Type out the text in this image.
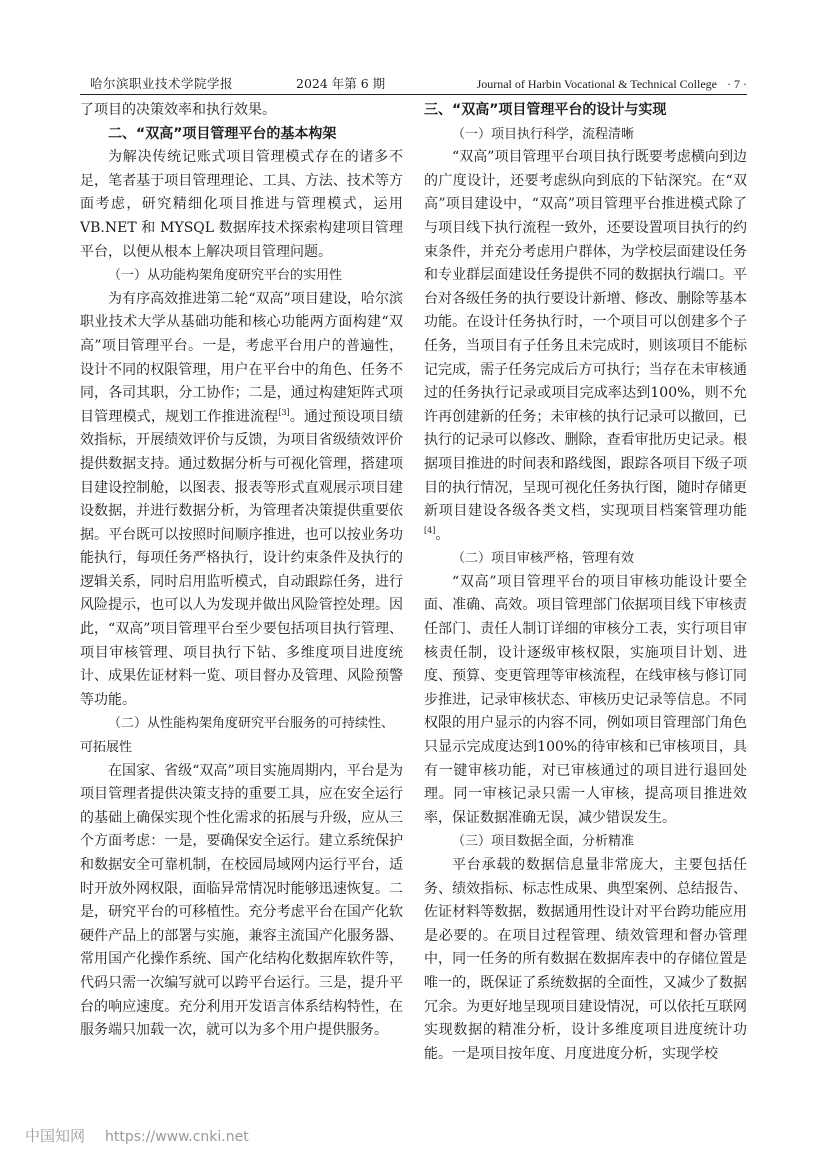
哈尔滨职业技术学院学报	2024 年第 6 期	Journal of Harbin Vocational & Technical College · 7 ·

了项目的决策效率和执行效果。

二、“双高”项目管理平台的基本构架

为解决传统记账式项目管理模式存在的诸多不足，笔者基于项目管理理论、工具、方法、技术等方面考虑，研究精细化项目推进与管理模式，运用 VB.NET 和 MYSQL 数据库技术探索构建项目管理平台，以便从根本上解决项目管理问题。

（一）从功能构架角度研究平台的实用性

为有序高效推进第二轮“双高”项目建设，哈尔滨职业技术大学从基础功能和核心功能两方面构建“双高”项目管理平台。一是，考虑平台用户的普遍性，设计不同的权限管理，用户在平台中的角色、任务不同，各司其职，分工协作；二是，通过构建矩阵式项目管理模式，规划工作推进流程[3]。通过预设项目绩效指标，开展绩效评价与反馈，为项目省级绩效评价提供数据支持。通过数据分析与可视化管理，搭建项目建设控制舱，以图表、报表等形式直观展示项目建设数据，并进行数据分析，为管理者决策提供重要依据。平台既可以按照时间顺序推进，也可以按业务功能执行，每项任务严格执行，设计约束条件及执行的逻辑关系，同时启用监听模式，自动跟踪任务，进行风险提示，也可以人为发现并做出风险管控处理。因此，“双高”项目管理平台至少要包括项目执行管理、项目审核管理、项目执行下钻、多维度项目进度统计、成果佐证材料一览、项目督办及管理、风险预警等功能。

（二）从性能构架角度研究平台服务的可持续性、可拓展性

在国家、省级“双高”项目实施周期内，平台是为项目管理者提供决策支持的重要工具，应在安全运行的基础上确保实现个性化需求的拓展与升级，应从三个方面考虑：一是，要确保安全运行。建立系统保护和数据安全可靠机制，在校园局域网内运行平台，适时开放外网权限，面临异常情况时能够迅速恢复。二是，研究平台的可移植性。充分考虑平台在国产化软硬件产品上的部署与实施，兼容主流国产化服务器、常用国产化操作系统、国产化结构化数据库软件等，代码只需一次编写就可以跨平台运行。三是，提升平台的响应速度。充分利用开发语言体系结构特性，在服务端只加载一次，就可以为多个用户提供服务。

三、“双高”项目管理平台的设计与实现
（一）项目执行科学，流程清晰

“双高”项目管理平台项目执行既要考虑横向到边的广度设计，还要考虑纵向到底的下钻深究。在“双高”项目建设中，“双高”项目管理平台推进模式除了与项目线下执行流程一致外，还要设置项目执行的约束条件，并充分考虑用户群体，为学校层面建设任务和专业群层面建设任务提供不同的数据执行端口。平台对各级任务的执行要设计新增、修改、删除等基本功能。在设计任务执行时，一个项目可以创建多个子任务，当项目有子任务且未完成时，则该项目不能标记完成，需子任务完成后方可执行；当存在未审核通过的任务执行记录或项目完成率达到100%，则不允许再创建新的任务；未审核的执行记录可以撤回，已执行的记录可以修改、删除，查看审批历史记录。根据项目推进的时间表和路线图，跟踪各项目下级子项目的执行情况，呈现可视化任务执行图，随时存储更新项目建设各级各类文档，实现项目档案管理功能[4]。

（二）项目审核严格，管理有效

“双高”项目管理平台的项目审核功能设计要全面、准确、高效。项目管理部门依据项目线下审核责任部门、责任人制订详细的审核分工表，实行项目审核责任制，设计逐级审核权限，实施项目计划、进度、预算、变更管理等审核流程，在线审核与修订同步推进，记录审核状态、审核历史记录等信息。不同权限的用户显示的内容不同，例如项目管理部门角色只显示完成度达到100%的待审核和已审核项目，具有一键审核功能，对已审核通过的项目进行退回处理。同一审核记录只需一人审核，提高项目推进效率，保证数据准确无误，减少错误发生。

（三）项目数据全面，分析精准

平台承载的数据信息量非常庞大，主要包括任务、绩效指标、标志性成果、典型案例、总结报告、佐证材料等数据，数据通用性设计对平台跨功能应用是必要的。在项目过程管理、绩效管理和督办管理中，同一任务的所有数据在数据库表中的存储位置是唯一的，既保证了系统数据的全面性，又减少了数据冗余。为更好地呈现项目建设情况，可以依托互联网实现数据的精准分析，设计多维度项目进度统计功能。一是项目按年度、月度进度分析，实现学校

中国知网 https://www.cnki.net
